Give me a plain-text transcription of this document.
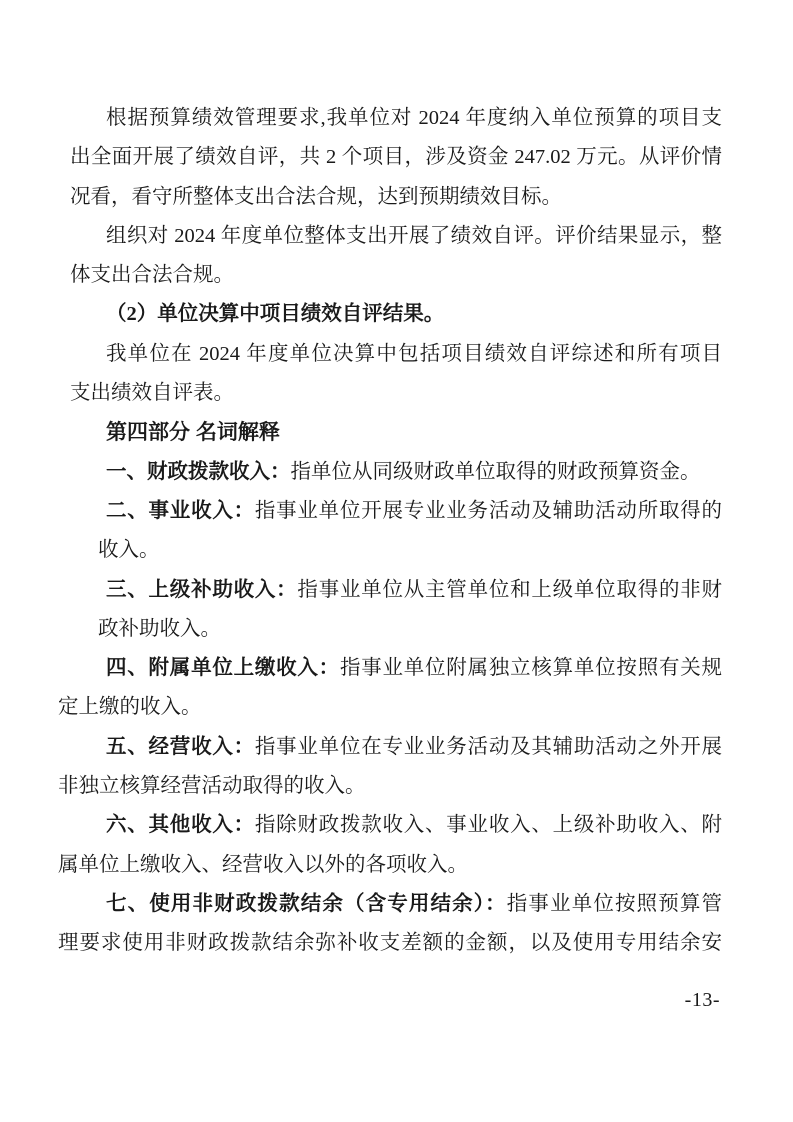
根据预算绩效管理要求,我单位对 2024 年度纳入单位预算的项目支
出全面开展了绩效自评，共 2 个项目，涉及资金 247.02 万元。从评价情
况看，看守所整体支出合法合规，达到预期绩效目标。
组织对 2024 年度单位整体支出开展了绩效自评。评价结果显示，整
体支出合法合规。
（2）单位决算中项目绩效自评结果。
我单位在 2024 年度单位决算中包括项目绩效自评综述和所有项目
支出绩效自评表。
第四部分 名词解释
一、财政拨款收入：指单位从同级财政单位取得的财政预算资金。
二、事业收入：指事业单位开展专业业务活动及辅助活动所取得的
收入。
三、上级补助收入：指事业单位从主管单位和上级单位取得的非财
政补助收入。
四、附属单位上缴收入：指事业单位附属独立核算单位按照有关规
定上缴的收入。
五、经营收入：指事业单位在专业业务活动及其辅助活动之外开展
非独立核算经营活动取得的收入。
六、其他收入：指除财政拨款收入、事业收入、上级补助收入、附
属单位上缴收入、经营收入以外的各项收入。
七、使用非财政拨款结余（含专用结余）：指事业单位按照预算管
理要求使用非财政拨款结余弥补收支差额的金额，以及使用专用结余安
-13-
